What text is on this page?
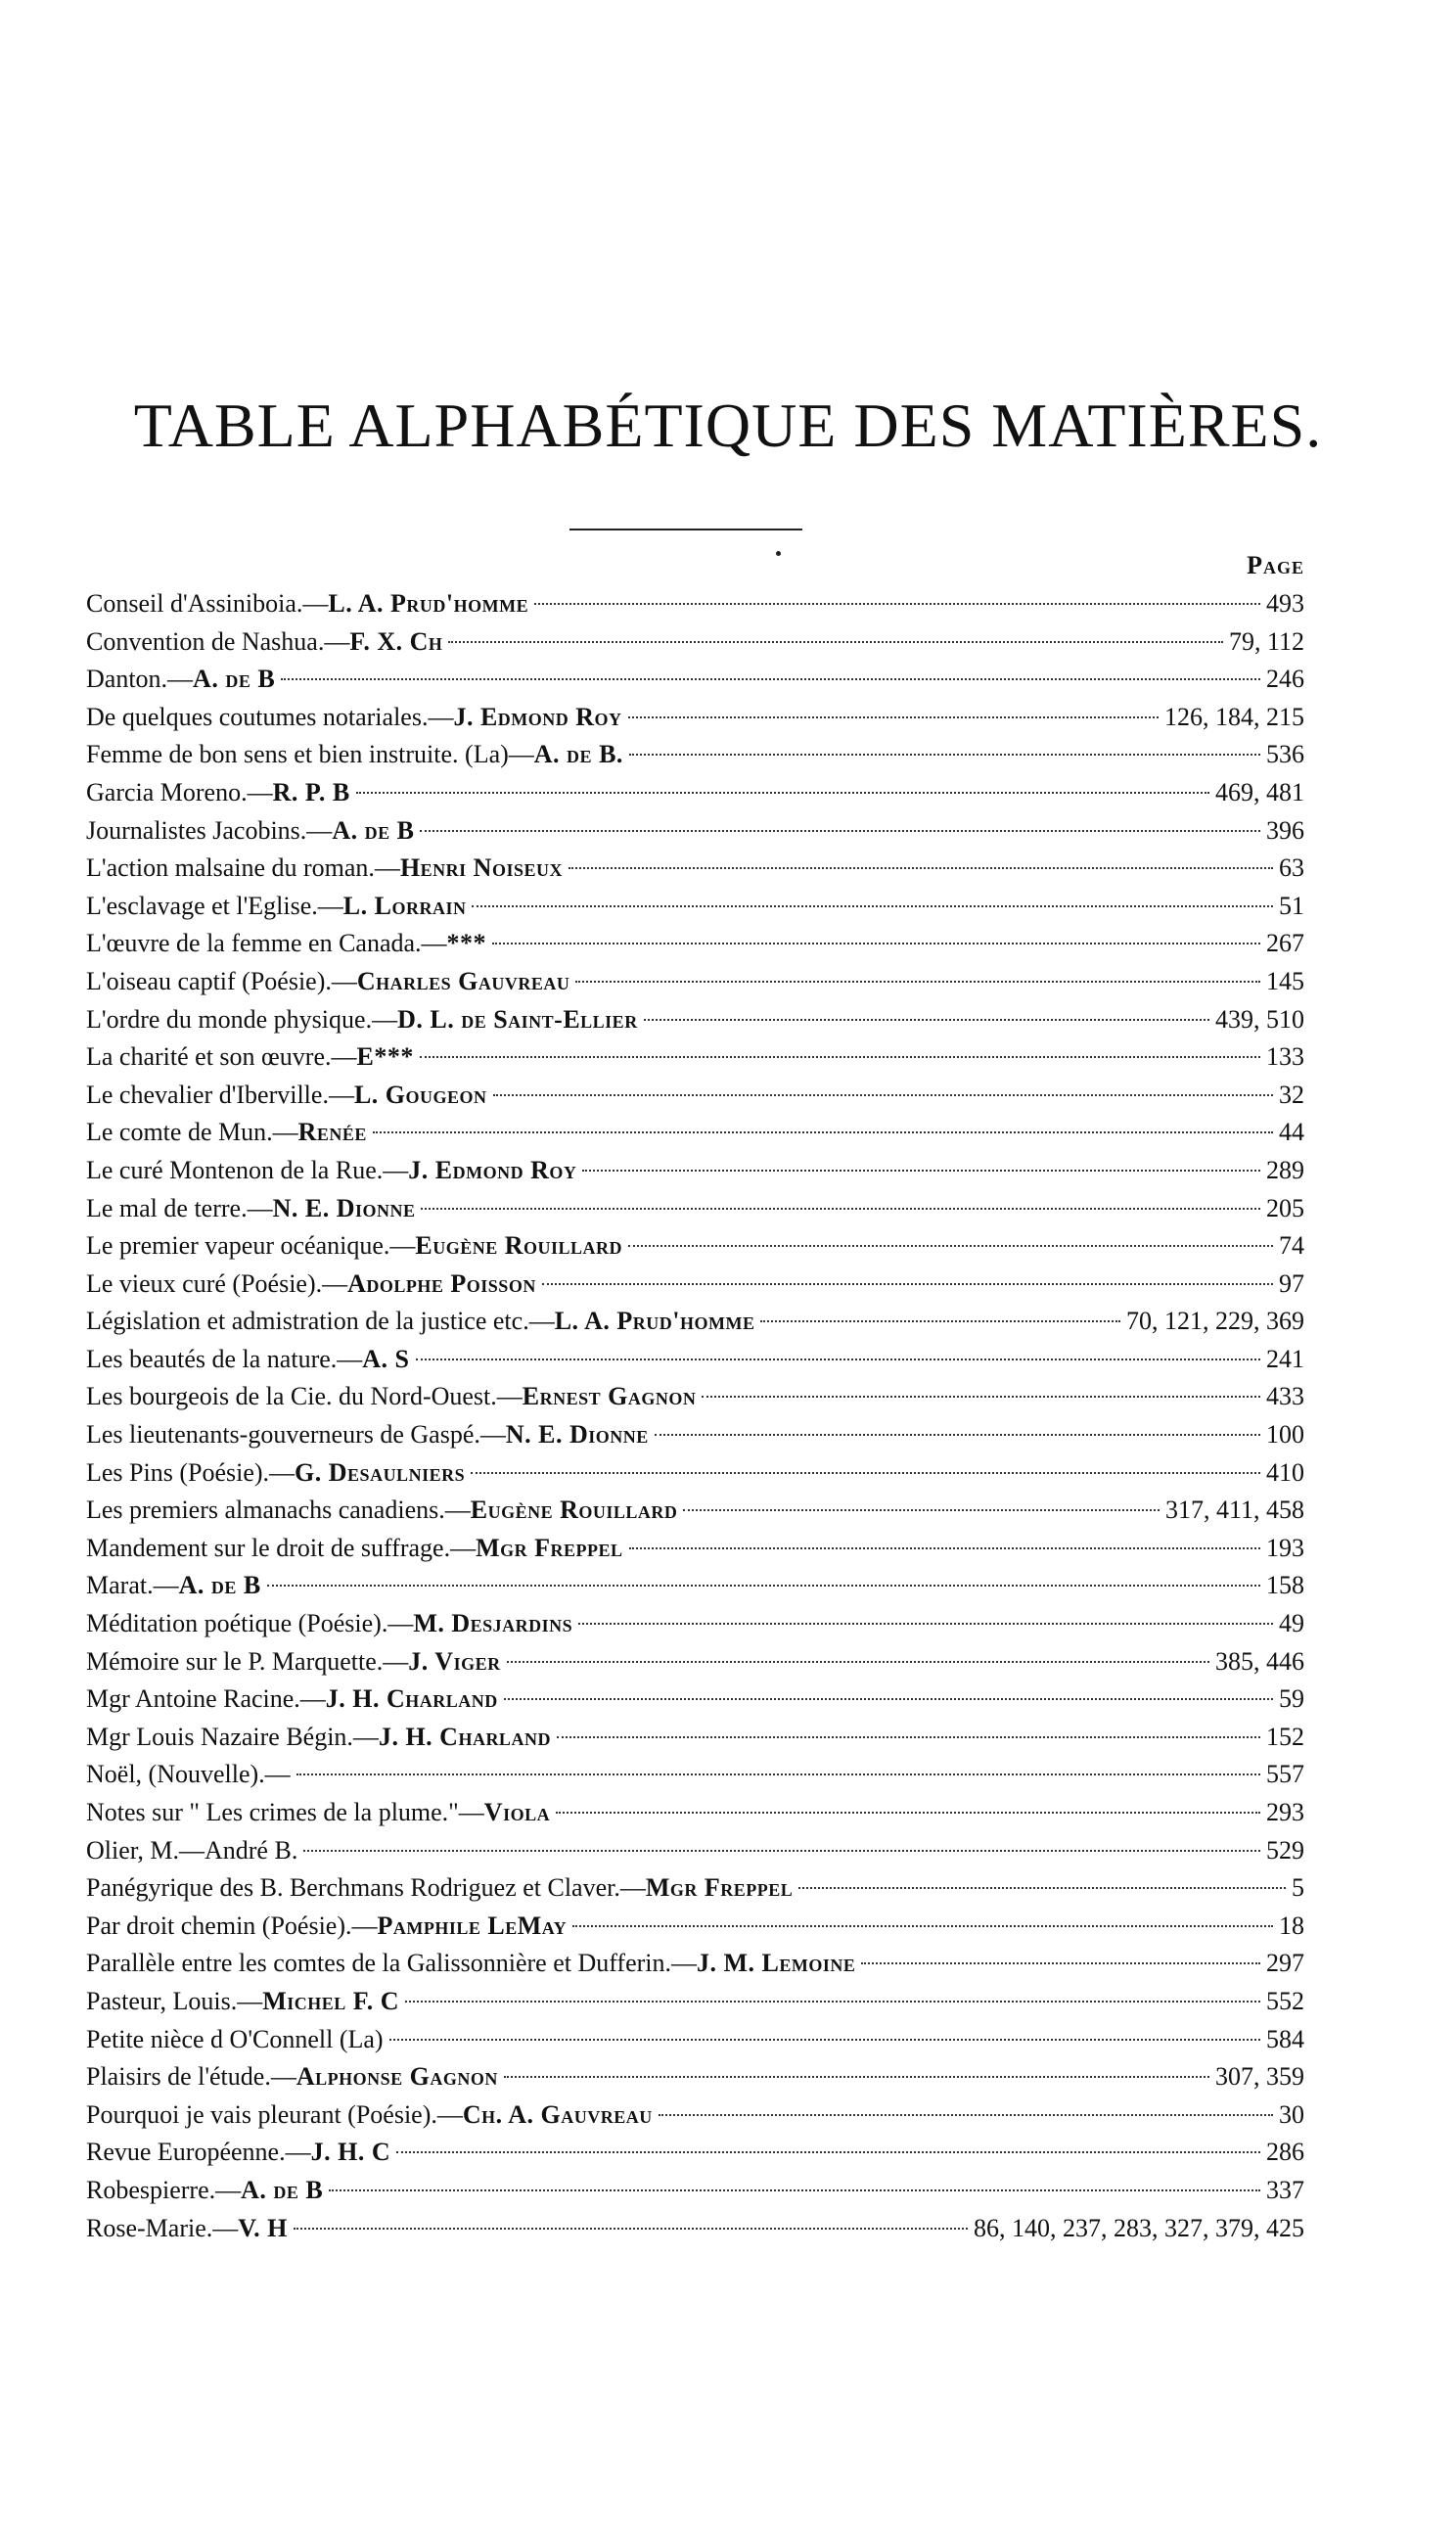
TABLE ALPHABÉTIQUE DES MATIÈRES.
Page
Conseil d'Assiniboia.— L. A. Prud'homme	493
Convention de Nashua.— F. X. Ch	79, 112
Danton.— A. de B	246
De quelques coutumes notariales.— J. Edmond Roy	126, 184, 215
Femme de bon sens et bien instruite. (La)— A. de B.	536
Garcia Moreno.— R. P. B	469, 481
Journalistes Jacobins.— A. de B	396
L'action malsaine du roman.— Henri Noiseux	63
L'esclavage et l'Eglise.— L. Lorrain	51
L'œuvre de la femme en Canada.— ***	267
L'oiseau captif (Poésie).— Charles Gauvreau	145
L'ordre du monde physique.— D. L. de Saint-Ellier	439, 510
La charité et son œuvre.— E***	133
Le chevalier d'Iberville.— L. Gougeon	32
Le comte de Mun.— Renée	44
Le curé Montenon de la Rue.— J. Edmond Roy	289
Le mal de terre.— N. E. Dionne	205
Le premier vapeur océanique.— Eugène Rouillard	74
Le vieux curé (Poésie).— Adolphe Poisson	97
Législation et admistration de la justice etc.— L. A. Prud'homme	70, 121, 229, 369
Les beautés de la nature.— A. S	241
Les bourgeois de la Cie. du Nord-Ouest.— Ernest Gagnon	433
Les lieutenants-gouverneurs de Gaspé.— N. E. Dionne	100
Les Pins (Poésie).— G. Desaulniers	410
Les premiers almanachs canadiens.— Eugène Rouillard	317, 411, 458
Mandement sur le droit de suffrage.— Mgr Freppel	193
Marat.— A. de B	158
Méditation poétique (Poésie).— M. Desjardins	49
Mémoire sur le P. Marquette.— J. Viger	385, 446
Mgr Antoine Racine.— J. H. Charland	59
Mgr Louis Nazaire Bégin.— J. H. Charland	152
Noël, (Nouvelle).—	557
Notes sur " Les crimes de la plume."— Viola	293
Olier, M.—André B.	529
Panégyrique des B. Berchmans Rodriguez et Claver.— Mgr Freppel	5
Par droit chemin (Poésie).— Pamphile LeMay	18
Parallèle entre les comtes de la Galissonnière et Dufferin.— J. M. Lemoine	297
Pasteur, Louis.— Michel F. C	552
Petite nièce d O'Connell (La)	584
Plaisirs de l'étude.— Alphonse Gagnon	307, 359
Pourquoi je vais pleurant (Poésie).— Ch. A. Gauvreau	30
Revue Européenne.— J. H. C	286
Robespierre.— A. de B	337
Rose-Marie.— V. H	86, 140, 237, 283, 327, 379, 425
